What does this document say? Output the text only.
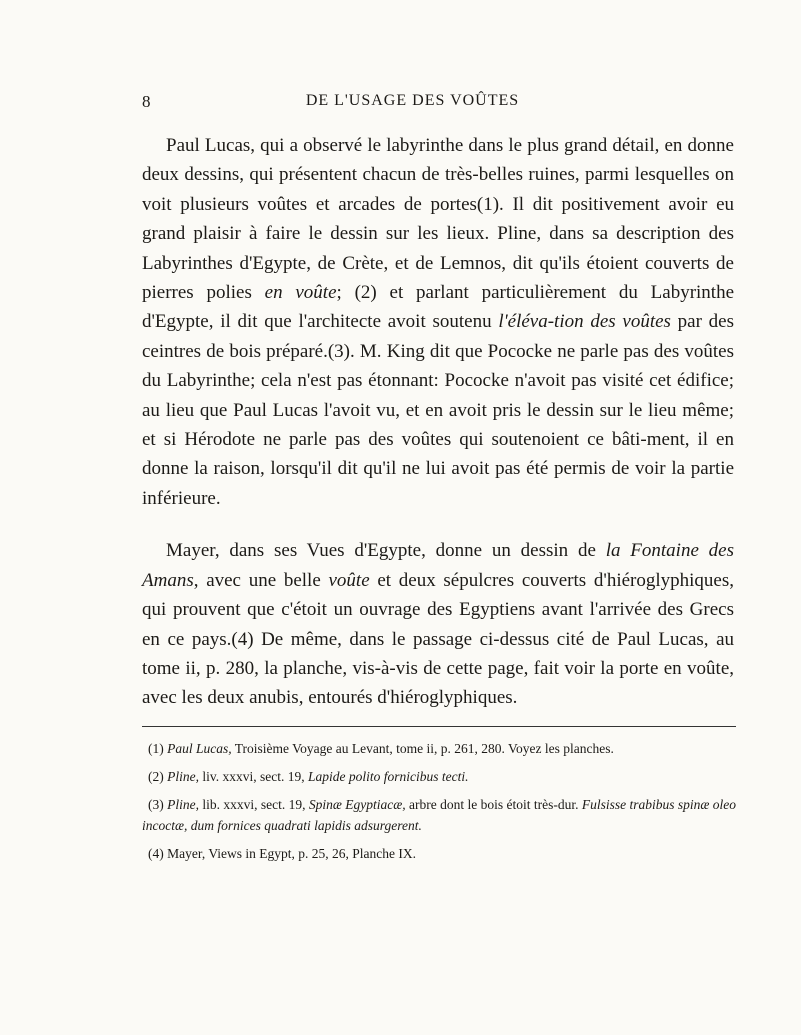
8	DE L'USAGE DES VOÛTES

Paul Lucas, qui a observé le labyrinthe dans le plus grand détail, en donne deux dessins, qui présentent chacun de très-belles ruines, parmi lesquelles on voit plusieurs voûtes et arcades de portes(1). Il dit positivement avoir eu grand plaisir à faire le dessin sur les lieux. Pline, dans sa description des Labyrinthes d'Egypte, de Crète, et de Lemnos, dit qu'ils étoient couverts de pierres polies en voûte; (2) et parlant particulièrement du Labyrinthe d'Egypte, il dit que l'architecte avoit soutenu l'éléva-tion des voûtes par des ceintres de bois préparé.(3). M. King dit que Pococke ne parle pas des voûtes du Labyrinthe; cela n'est pas étonnant: Pococke n'avoit pas visité cet édifice; au lieu que Paul Lucas l'avoit vu, et en avoit pris le dessin sur le lieu même; et si Hérodote ne parle pas des voûtes qui soutenoient ce bâti-ment, il en donne la raison, lorsqu'il dit qu'il ne lui avoit pas été permis de voir la partie inférieure.

Mayer, dans ses Vues d'Egypte, donne un dessin de la Fontaine des Amans, avec une belle voûte et deux sépulcres couverts d'hiéroglyphiques, qui prouvent que c'étoit un ouvrage des Egyptiens avant l'arrivée des Grecs en ce pays.(4) De même, dans le passage ci-dessus cité de Paul Lucas, au tome ii, p. 280, la planche, vis-à-vis de cette page, fait voir la porte en voûte, avec les deux anubis, entourés d'hiéroglyphiques.

(1) Paul Lucas, Troisième Voyage au Levant, tome ii, p. 261, 280. Voyez les planches.

(2) Pline, liv. xxxvi, sect. 19, Lapide polito fornicibus tecti.

(3) Pline, lib. xxxvi, sect. 19, Spinæ Egyptiacæ, arbre dont le bois étoit très-dur. Fulsisse trabibus spinæ oleo incoctæ, dum fornices quadrati lapidis adsurgerent.

(4) Mayer, Views in Egypt, p. 25, 26, Planche IX.
